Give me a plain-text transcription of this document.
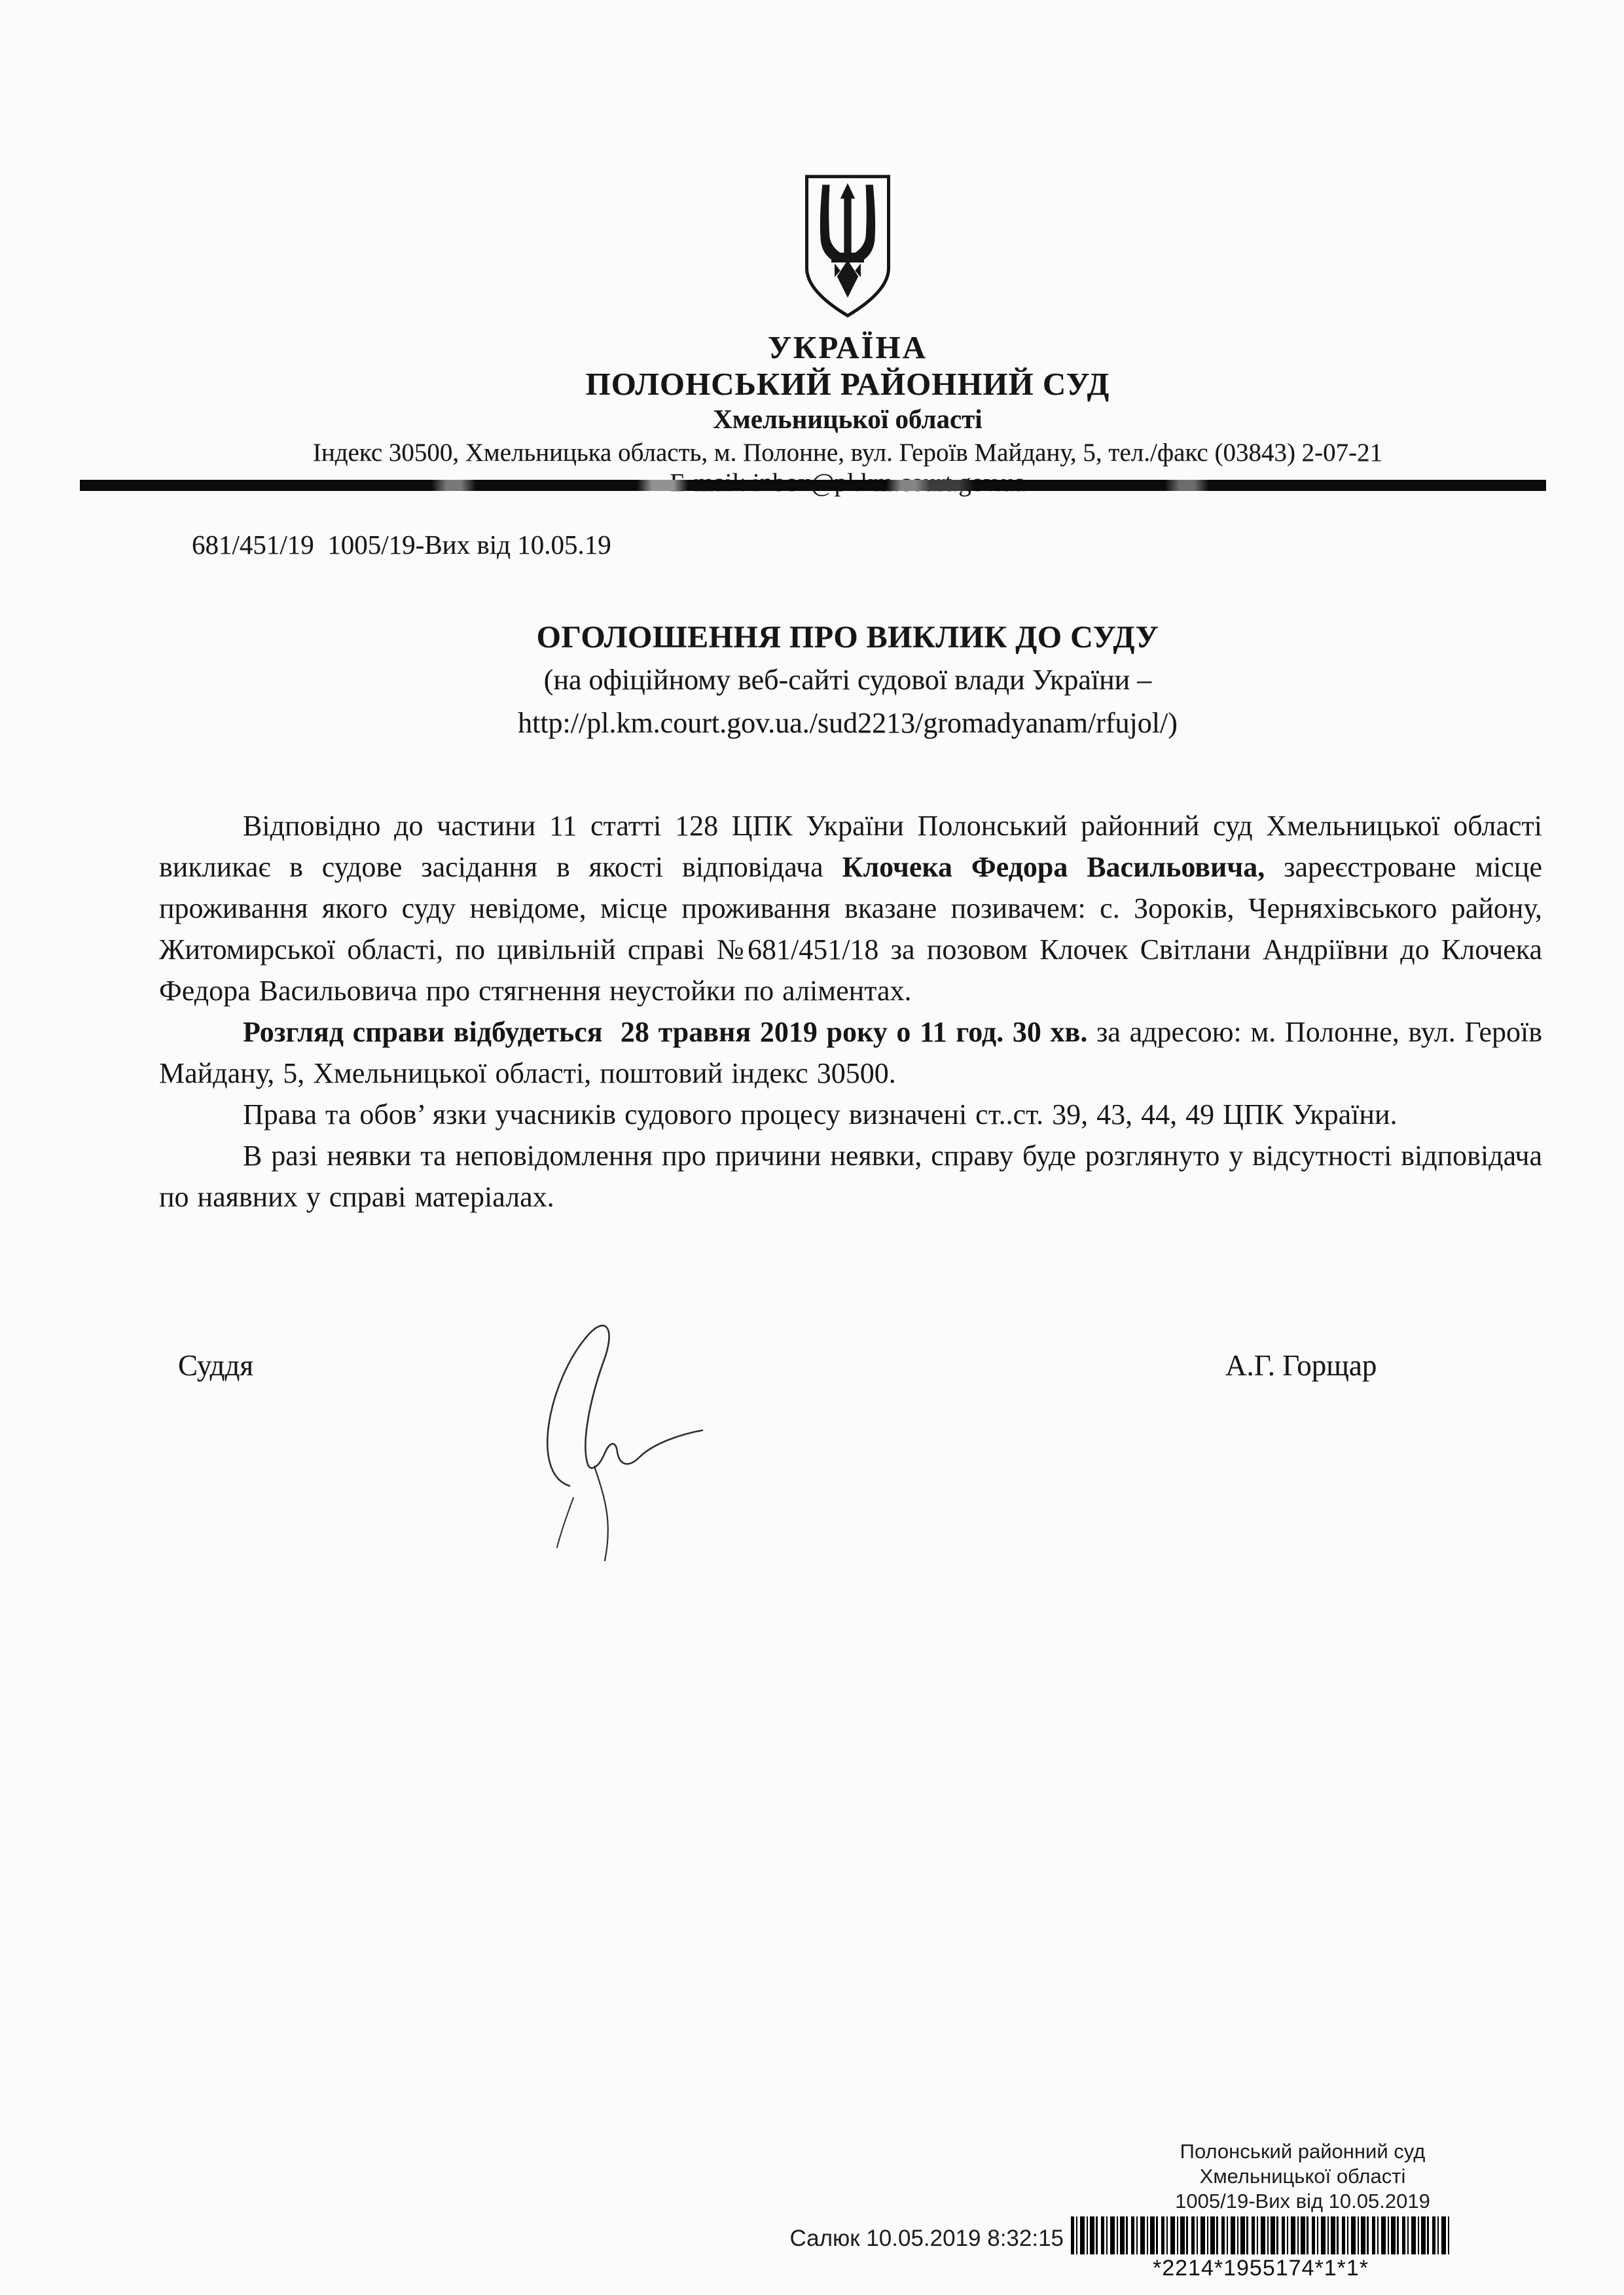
УКРАЇНА
ПОЛОНСЬКИЙ РАЙОННИЙ СУД
Хмельницької області
Індекс 30500, Хмельницька область, м. Полонне, вул. Героїв Майдану, 5, тел./факс (03843) 2-07-21
681/451/19  1005/19-Вих від 10.05.19
ОГОЛОШЕННЯ ПРО ВИКЛИК ДО СУДУ
(на офіційному веб-сайті судової влади України –
http://pl.km.court.gov.ua./sud2213/gromadyanam/rfujol/)

Відповідно до частини 11 статті 128 ЦПК України Полонський районний суд Хмельницької області викликає в судове засідання в якості відповідача Клочека Федора Васильовича, зареєстроване місце проживання якого суду невідоме, місце проживання вказане позивачем: с. Зороків, Черняхівського району, Житомирської області, по цивільній справі №681/451/18 за позовом Клочек Світлани Андріївни до Клочека Федора Васильовича про стягнення неустойки по аліментах.

Розгляд справи відбудеться  28 травня 2019 року о 11 год. 30 хв. за адресою: м. Полонне, вул. Героїв Майдану, 5, Хмельницької області, поштовий індекс 30500.

Права та обов’ язки учасників судового процесу визначені ст..ст. 39, 43, 44, 49 ЦПК України.

В разі неявки та неповідомлення про причини неявки, справу буде розглянуто у відсутності відповідача по наявних у справі матеріалах.

Суддя	А.Г. Горщар
Полонський районний суд
Хмельницької області
1005/19-Вих від 10.05.2019
Салюк 10.05.2019 8:32:15
*2214*1955174*1*1*
